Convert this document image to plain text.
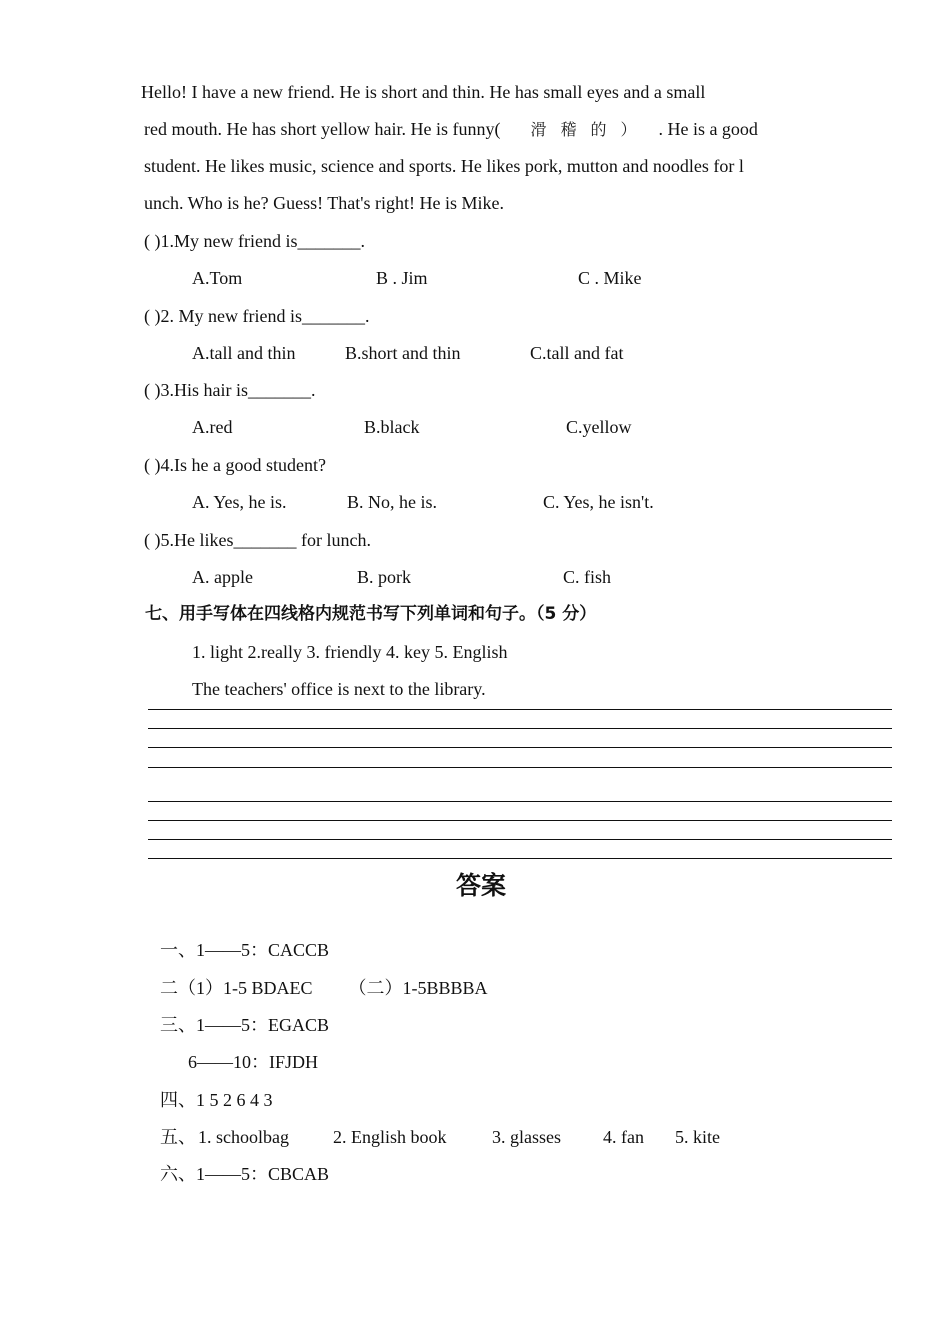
Hello! I have a new friend. He is short and thin. He has small eyes and a small
red mouth. He has short yellow hair. He is funny( 滑稽的） . He is a good
student. He likes music, science and sports. He likes pork, mutton and noodles for l
unch. Who is he? Guess! That's right! He is Mike.
( )1.My new friend is_______.
A.Tom	B . Jim	C . Mike
( )2. My new friend is_______.
A.tall and thin	B.short and thin	C.tall and fat
( )3.His hair is_______.
A.red	B.black	C.yellow
( )4.Is he a good student?
A. Yes, he is.	B. No, he is.	C. Yes, he isn't.
( )5.He likes_______ for lunch.
A. apple	B. pork	C. fish
七、用手写体在四线格内规范书写下列单词和句子。（5 分）
1. light 2.really 3. friendly 4. key 5. English
The teachers' office is next to the library.
答案
一、1——5：CACCB
二（1）1-5 BDAEC        （二）1-5BBBBA
三、1——5：EGACB
6——10：IFJDH
四、1 5 2 6 4 3
五、 1. schoolbag 2. English book	3. glasses 4. fan 5. kite
六、1——5：CBCAB
